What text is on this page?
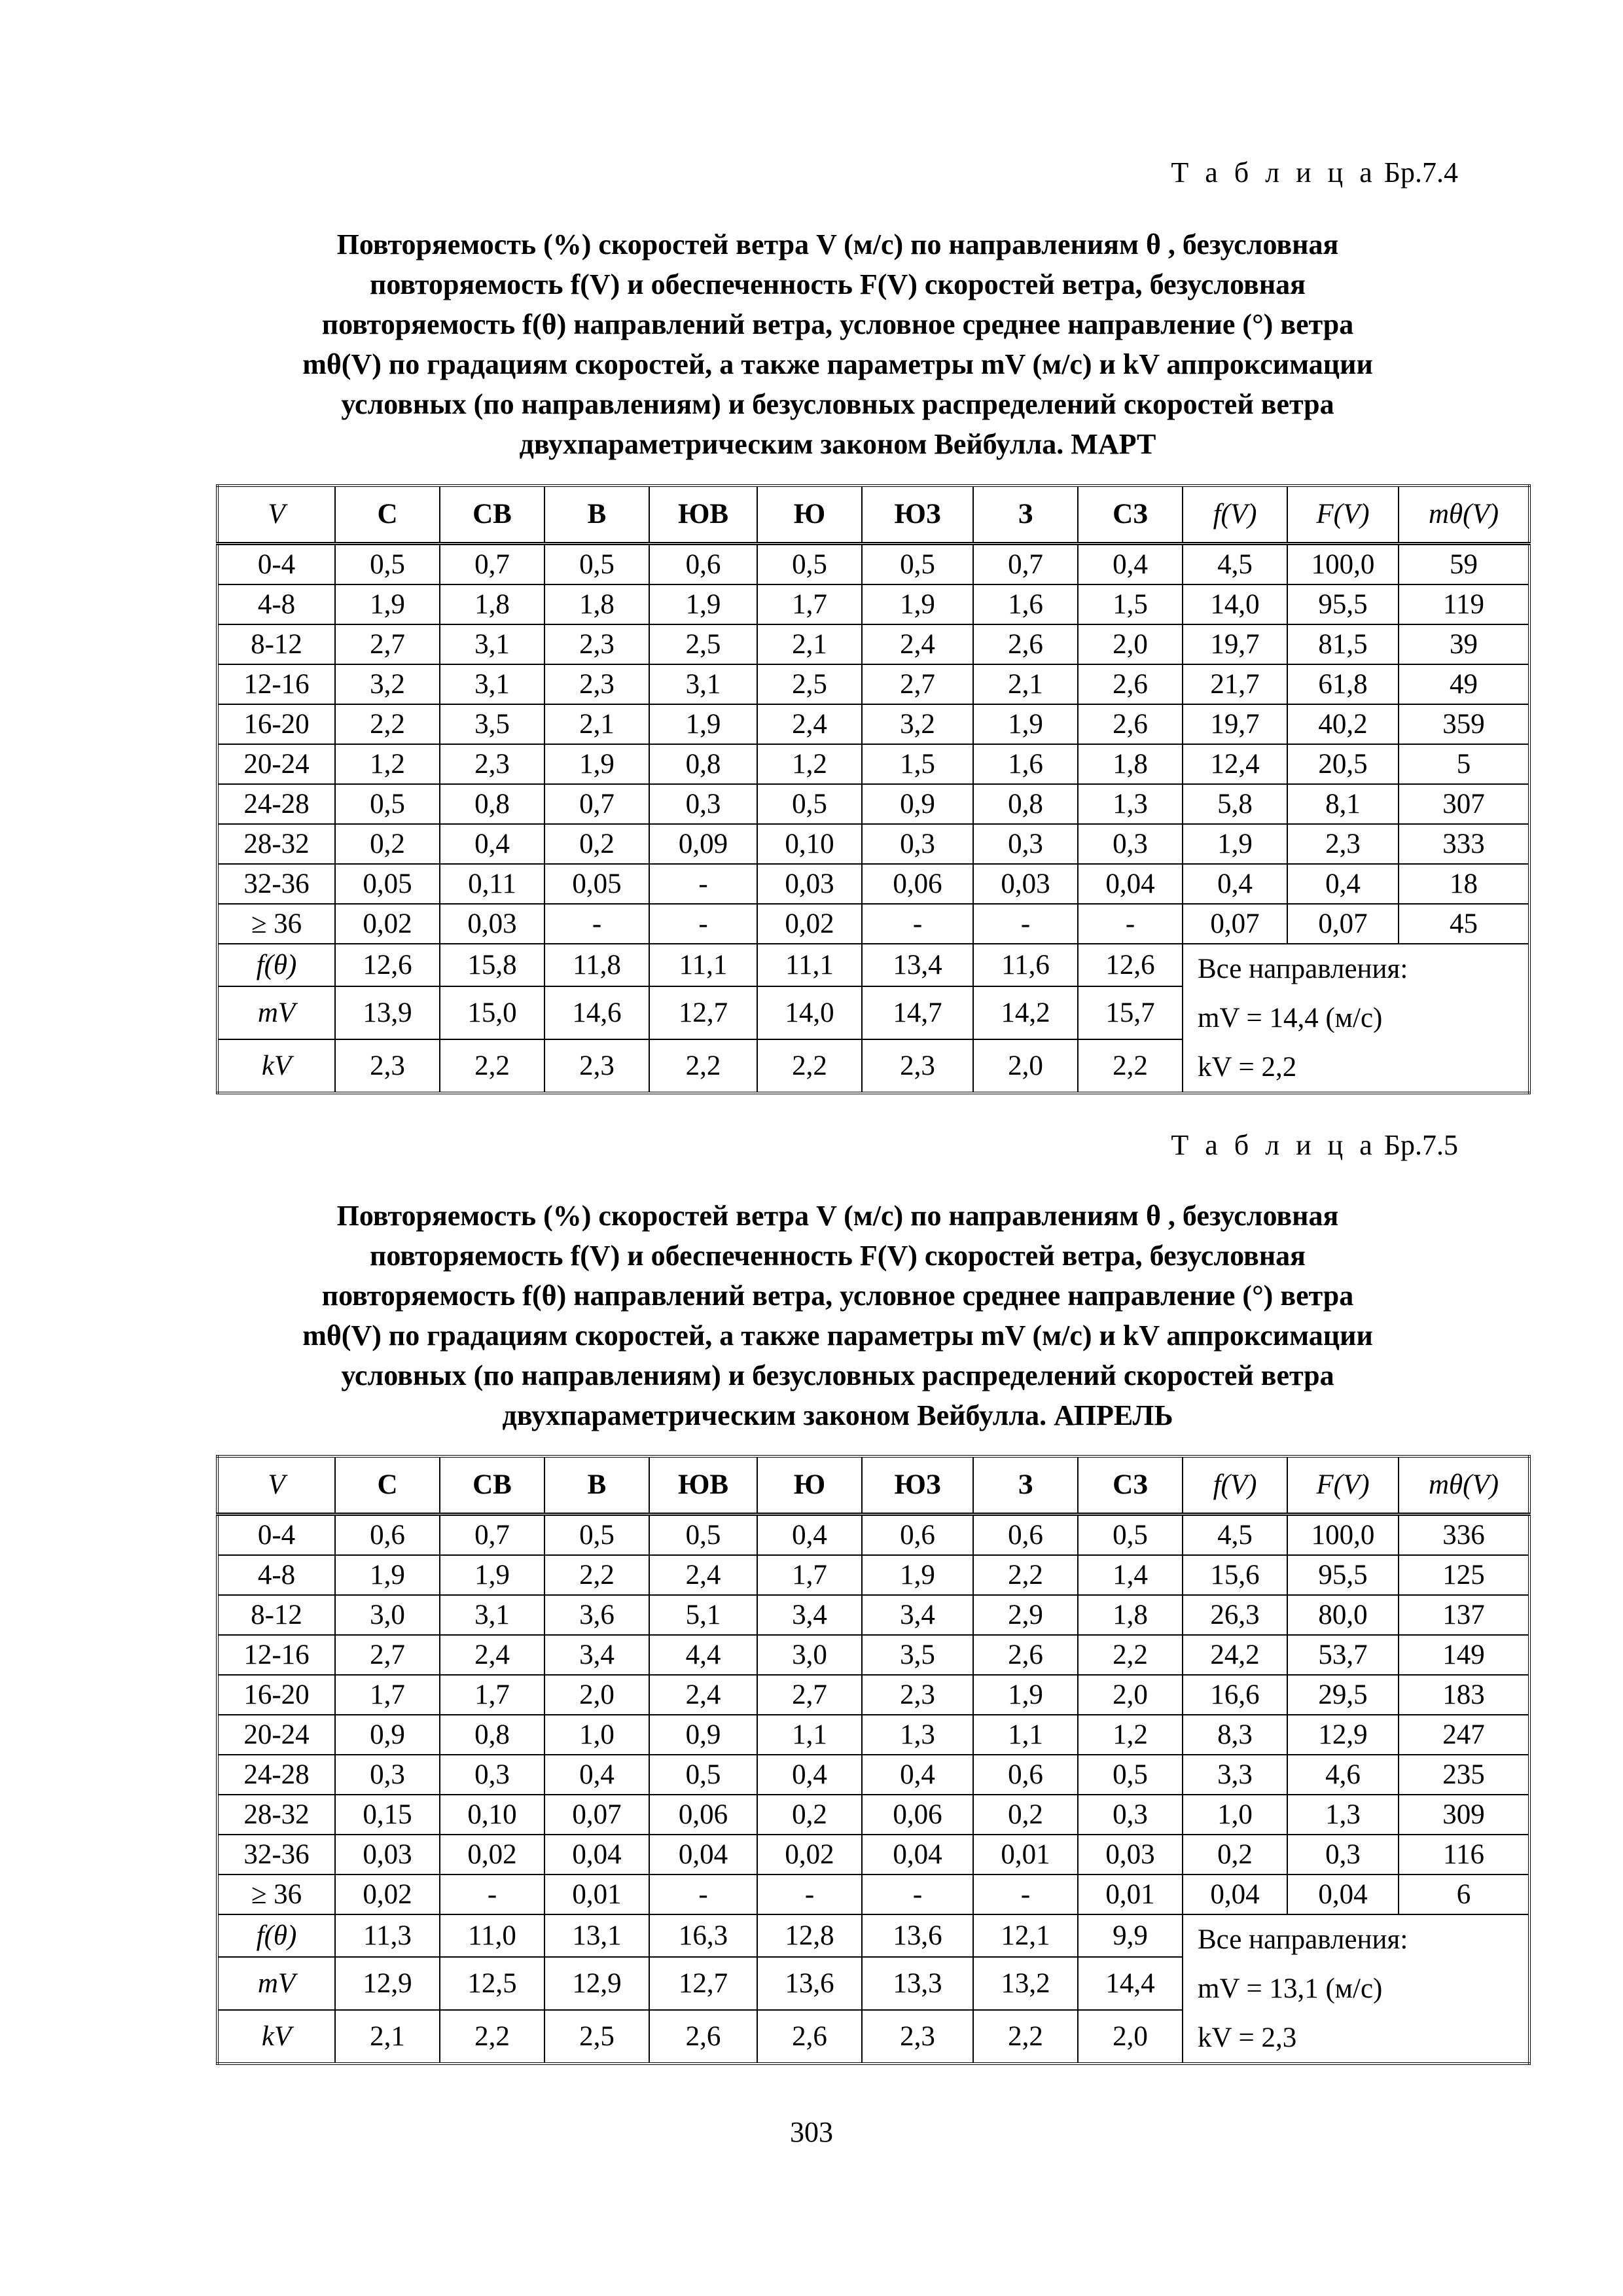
Т а б л и ц а Бр.7.4
Повторяемость (%) скоростей ветра V (м/с) по направлениям θ , безусловная
повторяемость f(V) и обеспеченность F(V) скоростей ветра, безусловная
повторяемость f(θ) направлений ветра, условное среднее направление (°) ветра
mθ(V) по градациям скоростей, а также параметры mV (м/с) и kV аппроксимации
условных (по направлениям) и безусловных распределений скоростей ветра
двухпараметрическим законом Вейбулла. МАРТ
V	С	СВ	В	ЮВ	Ю	ЮЗ	З	СЗ	f(V)	F(V)	mθ(V)
0-4	0,5	0,7	0,5	0,6	0,5	0,5	0,7	0,4	4,5	100,0	59
4-8	1,9	1,8	1,8	1,9	1,7	1,9	1,6	1,5	14,0	95,5	119
8-12	2,7	3,1	2,3	2,5	2,1	2,4	2,6	2,0	19,7	81,5	39
12-16	3,2	3,1	2,3	3,1	2,5	2,7	2,1	2,6	21,7	61,8	49
16-20	2,2	3,5	2,1	1,9	2,4	3,2	1,9	2,6	19,7	40,2	359
20-24	1,2	2,3	1,9	0,8	1,2	1,5	1,6	1,8	12,4	20,5	5
24-28	0,5	0,8	0,7	0,3	0,5	0,9	0,8	1,3	5,8	8,1	307
28-32	0,2	0,4	0,2	0,09	0,10	0,3	0,3	0,3	1,9	2,3	333
32-36	0,05	0,11	0,05	-	0,03	0,06	0,03	0,04	0,4	0,4	18
≥ 36	0,02	0,03	-	-	0,02	-	-	-	0,07	0,07	45
f(θ)	12,6	15,8	11,8	11,1	11,1	13,4	11,6	12,6	Все направления:
mV = 14,4 (м/с)
kV = 2,2		

mV	13,9	15,0	14,6	12,7	14,0	14,7	14,2	15,7			
kV	2,3	2,2	2,3	2,2	2,2	2,3	2,0	2,2			
Т а б л и ц а Бр.7.5
Повторяемость (%) скоростей ветра V (м/с) по направлениям θ , безусловная
повторяемость f(V) и обеспеченность F(V) скоростей ветра, безусловная
повторяемость f(θ) направлений ветра, условное среднее направление (°) ветра
mθ(V) по градациям скоростей, а также параметры mV (м/с) и kV аппроксимации
условных (по направлениям) и безусловных распределений скоростей ветра
двухпараметрическим законом Вейбулла. АПРЕЛЬ
V	С	СВ	В	ЮВ	Ю	ЮЗ	З	СЗ	f(V)	F(V)	mθ(V)
0-4	0,6	0,7	0,5	0,5	0,4	0,6	0,6	0,5	4,5	100,0	336
4-8	1,9	1,9	2,2	2,4	1,7	1,9	2,2	1,4	15,6	95,5	125
8-12	3,0	3,1	3,6	5,1	3,4	3,4	2,9	1,8	26,3	80,0	137
12-16	2,7	2,4	3,4	4,4	3,0	3,5	2,6	2,2	24,2	53,7	149
16-20	1,7	1,7	2,0	2,4	2,7	2,3	1,9	2,0	16,6	29,5	183
20-24	0,9	0,8	1,0	0,9	1,1	1,3	1,1	1,2	8,3	12,9	247
24-28	0,3	0,3	0,4	0,5	0,4	0,4	0,6	0,5	3,3	4,6	235
28-32	0,15	0,10	0,07	0,06	0,2	0,06	0,2	0,3	1,0	1,3	309
32-36	0,03	0,02	0,04	0,04	0,02	0,04	0,01	0,03	0,2	0,3	116
≥ 36	0,02	-	0,01	-	-	-	-	0,01	0,04	0,04	6
f(θ)	11,3	11,0	13,1	16,3	12,8	13,6	12,1	9,9	Все направления:
mV = 13,1 (м/с)
kV = 2,3		

mV	12,9	12,5	12,9	12,7	13,6	13,3	13,2	14,4			
kV	2,1	2,2	2,5	2,6	2,6	2,3	2,2	2,0			
303
